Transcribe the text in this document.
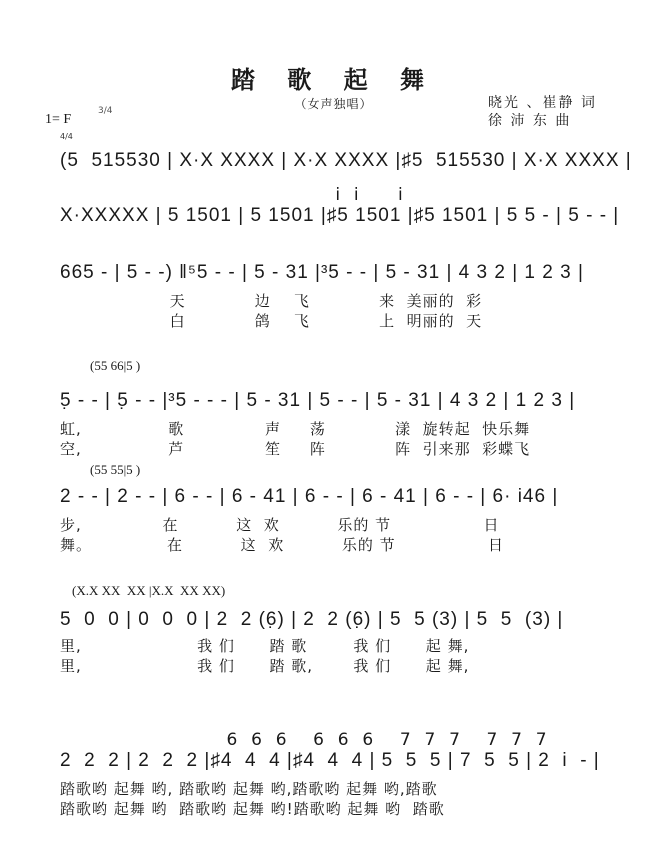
踏 歌 起 舞
（女声独唱）	晓光 、崔静 词
徐 沛 东 曲
1= F
3/4
4/4
(5  515530 | X·X XXXX | X·X XXXX |♯5  515530 | X·X XXXX |
i  i      i
X·XXXXX | 5 1501 | 5 1501 |♯5 1501 |♯5 1501 | 5 5 - | 5 - - |
665 - | 5 - -) ‖⁵5 - - | 5 - 31 |³5 - - | 5 - 31 | 4 3 2 | 1 2 3 |
天            边    飞            来  美丽的  彩
白            鸽    飞            上  明丽的  天
(55 66|5 )
5̣ - - | 5̣ - - |³5 - - - | 5 - 31 | 5 - - | 5 - 31 | 4 3 2 | 1 2 3 |
虹,               歌              声     荡            漾  旋转起  快乐舞
空,               芦              笙     阵            阵  引来那  彩蝶飞
(55 55|5 )
2 - - | 2 - - | 6 - - | 6 - 41 | 6 - - | 6 - 41 | 6 - - | 6· i46 |
步,              在          这  欢          乐的 节                日
舞。             在          这  欢          乐的 节                日
(X.X XX  XX |X.X  XX XX)
5  0  0 | 0  0  0 | 2  2 (6̣) | 2  2 (6̣) | 5  5 (3) | 5  5  (3) |
里,                    我 们      踏 歌        我 们      起 舞,
里,                    我 们      踏 歌,       我 们      起 舞,
6  6  6    6  6  6    7  7  7    7  7  7
2  2  2 | 2  2  2 |♯4  4  4 |♯4  4  4 | 5  5  5 | 7  5  5 | 2  i  - |
踏歌哟 起舞 哟, 踏歌哟 起舞 哟,踏歌哟 起舞 哟,踏歌
踏歌哟 起舞 哟  踏歌哟 起舞 哟!踏歌哟 起舞 哟  踏歌
